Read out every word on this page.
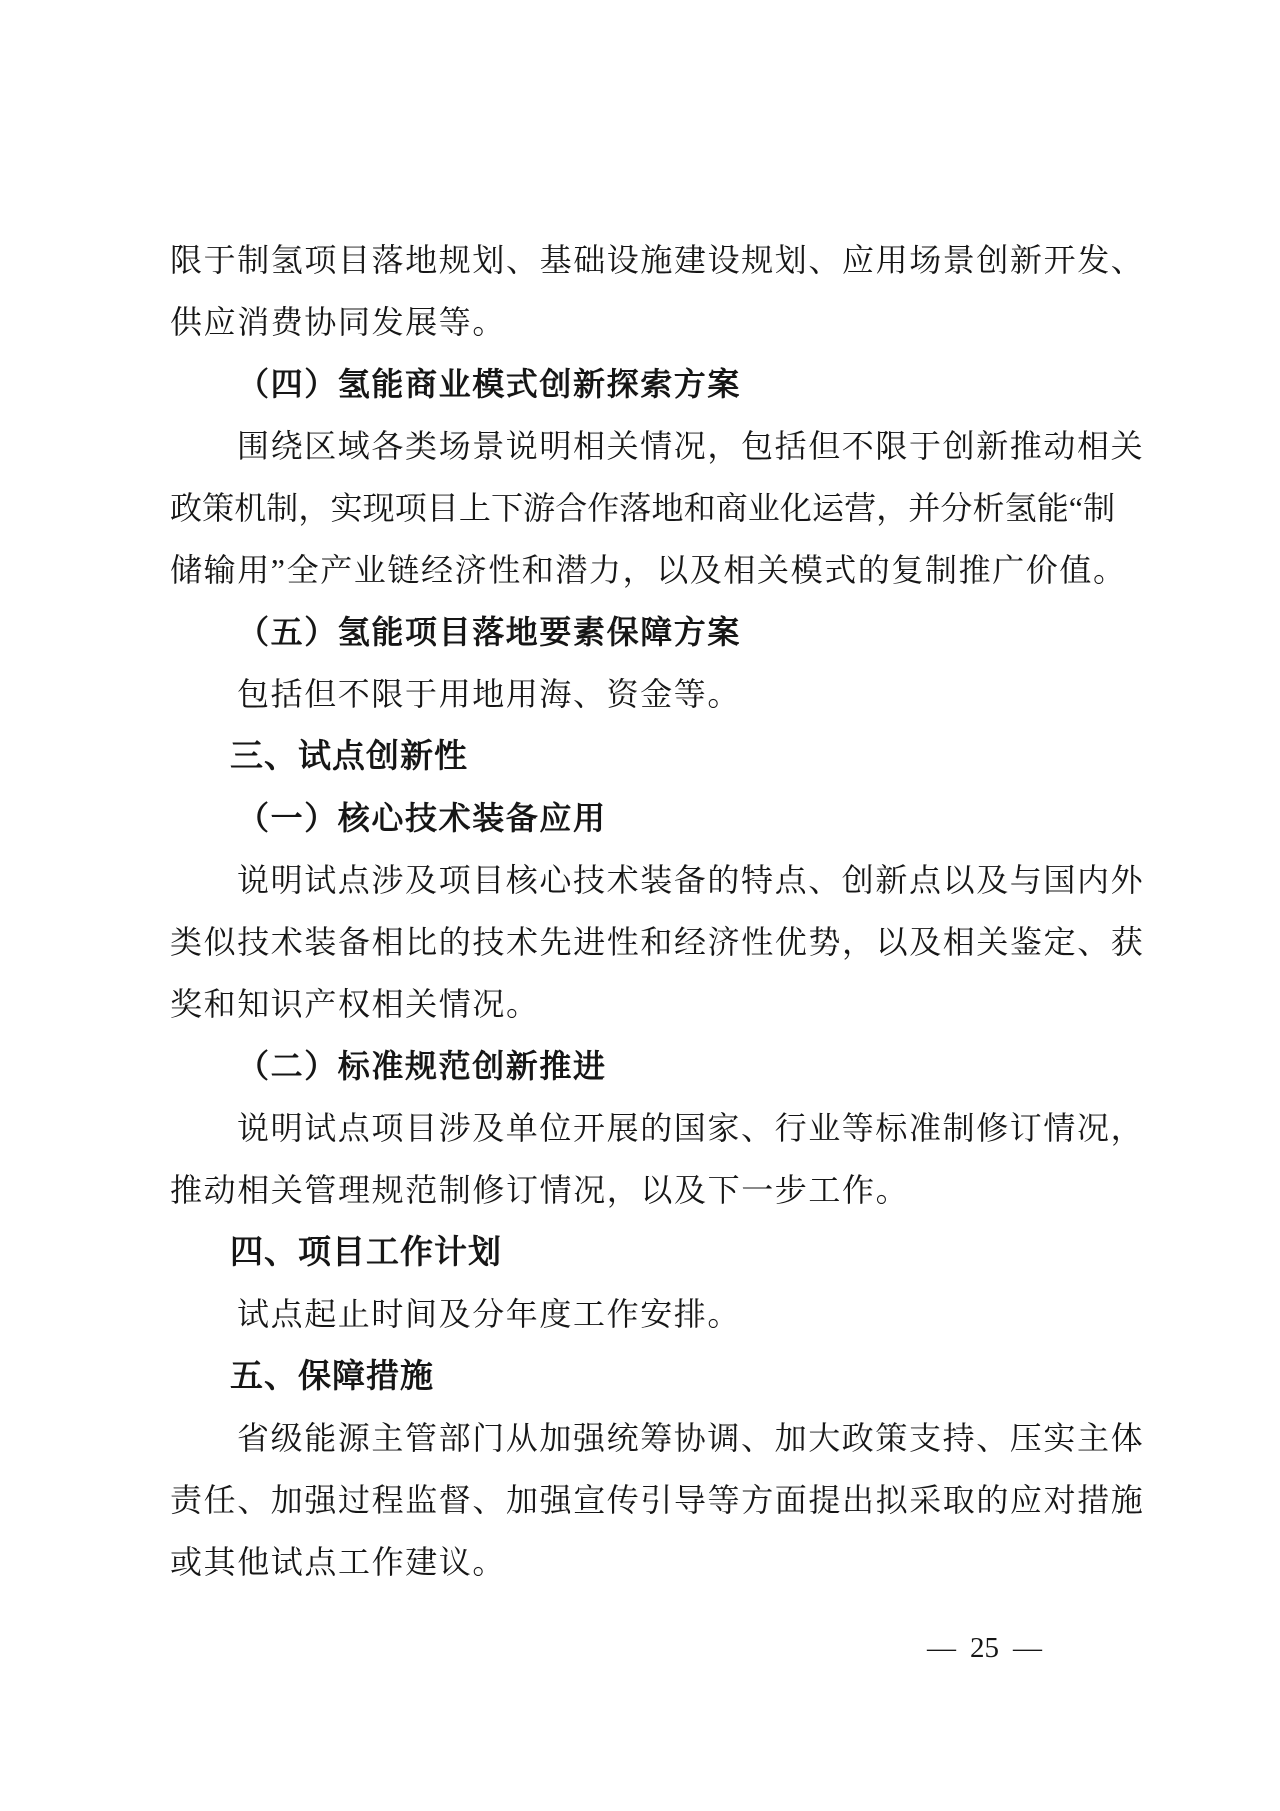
限于制氢项目落地规划、基础设施建设规划、应用场景创新开发、
供应消费协同发展等。
（四）氢能商业模式创新探索方案
围绕区域各类场景说明相关情况，包括但不限于创新推动相关
政策机制，实现项目上下游合作落地和商业化运营，并分析氢能“制
储输用”全产业链经济性和潜力，以及相关模式的复制推广价值。
（五）氢能项目落地要素保障方案
包括但不限于用地用海、资金等。
三、试点创新性
（一）核心技术装备应用
说明试点涉及项目核心技术装备的特点、创新点以及与国内外
类似技术装备相比的技术先进性和经济性优势，以及相关鉴定、获
奖和知识产权相关情况。
（二）标准规范创新推进
说明试点项目涉及单位开展的国家、行业等标准制修订情况，
推动相关管理规范制修订情况，以及下一步工作。
四、项目工作计划
试点起止时间及分年度工作安排。
五、保障措施
省级能源主管部门从加强统筹协调、加大政策支持、压实主体
责任、加强过程监督、加强宣传引导等方面提出拟采取的应对措施
或其他试点工作建议。
— 25 —
